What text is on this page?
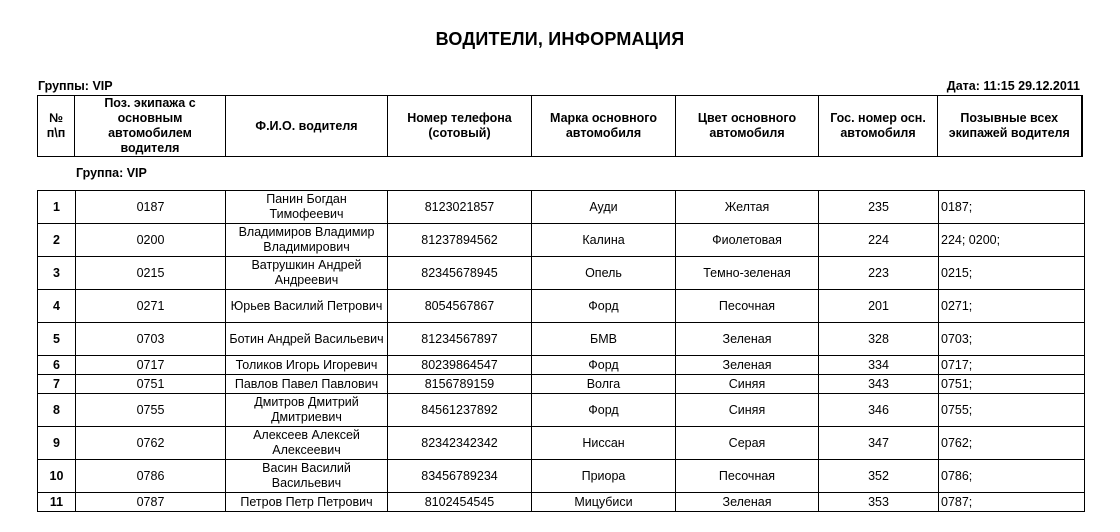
ВОДИТЕЛИ, ИНФОРМАЦИЯ
Группы: VIP	Дата: 11:15 29.12.2011
№ п\п	Поз. экипажа с основным автомобилем водителя	Ф.И.О. водителя	Номер телефона (сотовый)	Марка основного автомобиля	Цвет основного автомобиля	Гос. номер осн. автомобиля	Позывные всех экипажей водителя
Группа: VIP
1	0187	Панин Богдан Тимофеевич	8123021857	Ауди	Желтая	235	0187;
2	0200	Владимиров Владимир Владимирович	81237894562	Калина	Фиолетовая	224	224; 0200;
3	0215	Ватрушкин Андрей Андреевич	82345678945	Опель	Темно-зеленая	223	0215;
4	0271	Юрьев Василий Петрович	8054567867	Форд	Песочная	201	0271;
5	0703	Ботин Андрей Васильевич	81234567897	БМВ	Зеленая	328	0703;
6	0717	Толиков Игорь Игоревич	80239864547	Форд	Зеленая	334	0717;
7	0751	Павлов Павел Павлович	8156789159	Волга	Синяя	343	0751;
8	0755	Дмитров Дмитрий Дмитриевич	84561237892	Форд	Синяя	346	0755;
9	0762	Алексеев Алексей Алексеевич	82342342342	Ниссан	Серая	347	0762;
10	0786	Васин Василий Васильевич	83456789234	Приора	Песочная	352	0786;
11	0787	Петров Петр Петрович	8102454545	Мицубиси	Зеленая	353	0787;
